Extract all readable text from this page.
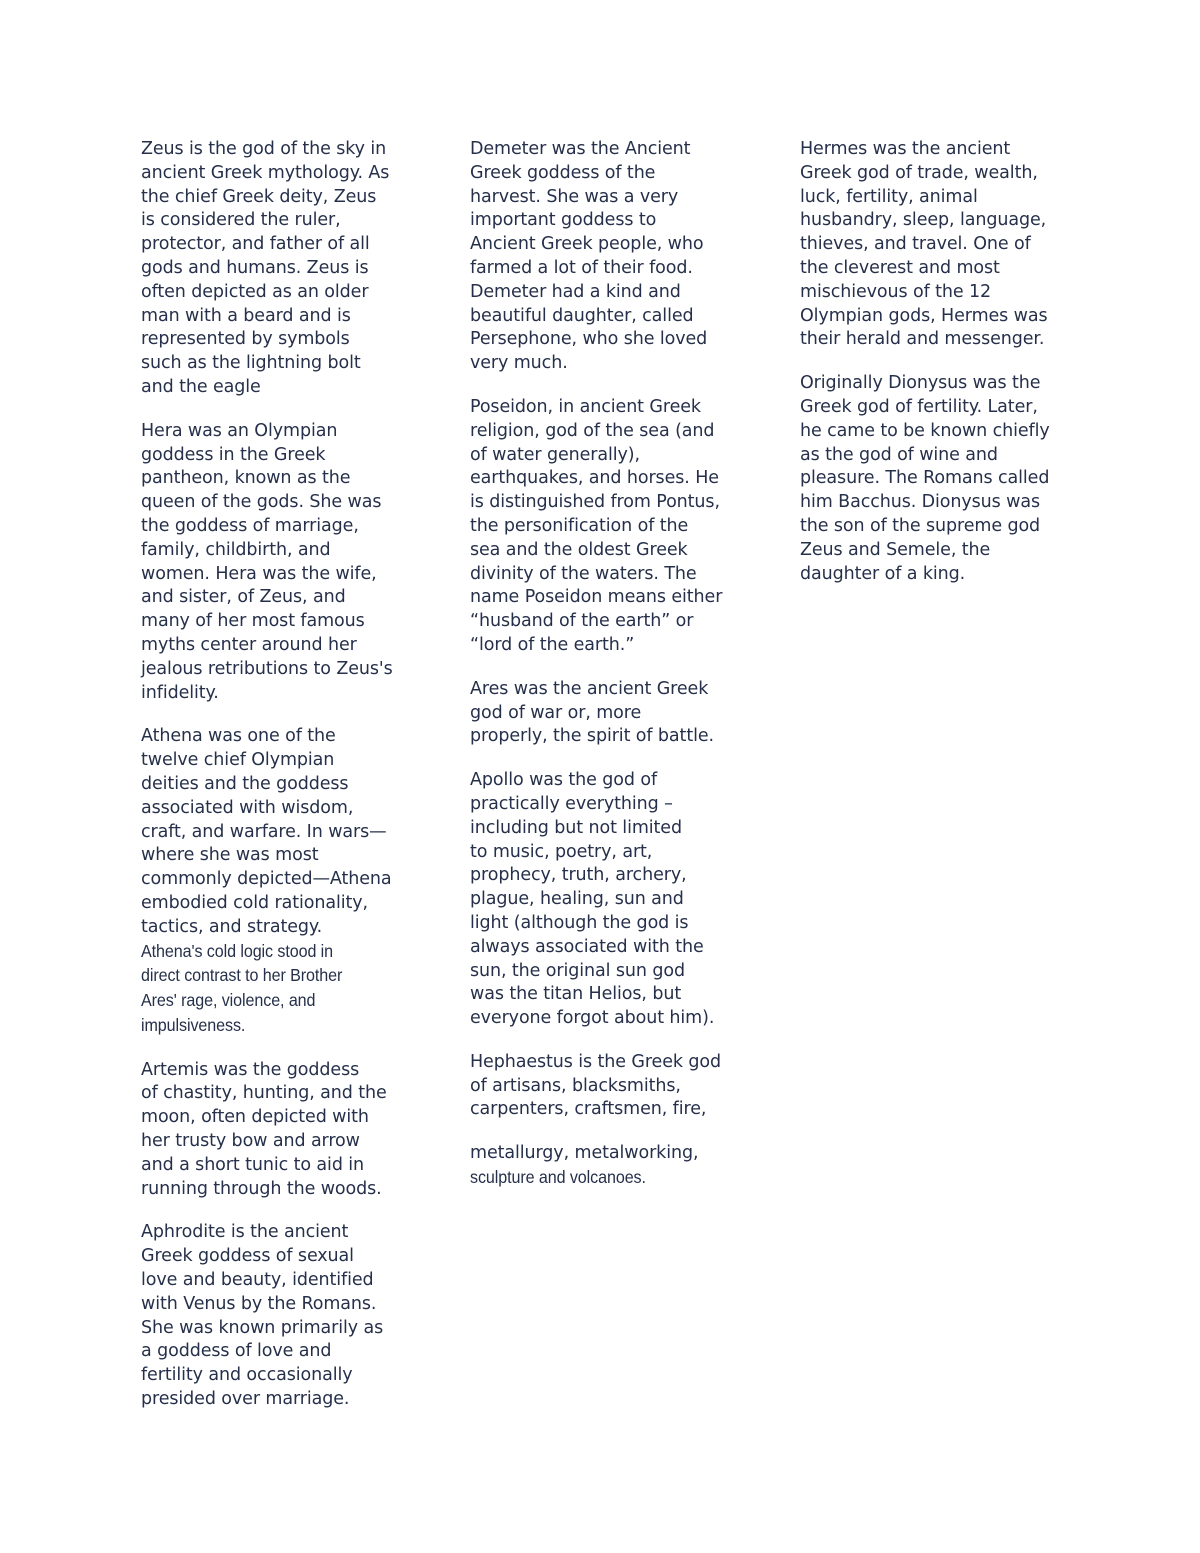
Zeus is the god of the sky in
ancient Greek mythology. As
the chief Greek deity, Zeus
is considered the ruler,
protector, and father of all
gods and humans. Zeus is
often depicted as an older
man with a beard and is
represented by symbols
such as the lightning bolt
and the eagle

Hera was an Olympian
goddess in the Greek
pantheon, known as the
queen of the gods. She was
the goddess of marriage,
family, childbirth, and
women. Hera was the wife,
and sister, of Zeus, and
many of her most famous
myths center around her
jealous retributions to Zeus's
infidelity.

Athena was one of the
twelve chief Olympian
deities and the goddess
associated with wisdom,
craft, and warfare. In wars—
where she was most
commonly depicted—Athena
embodied cold rationality,
tactics, and strategy.
Athena's cold logic stood in
direct contrast to her Brother
Ares' rage, violence, and
impulsiveness.

Artemis was the goddess
of chastity, hunting, and the
moon, often depicted with
her trusty bow and arrow
and a short tunic to aid in
running through the woods.

Aphrodite is the ancient
Greek goddess of sexual
love and beauty, identified
with Venus by the Romans.
She was known primarily as
a goddess of love and
fertility and occasionally
presided over marriage.

Demeter was the Ancient
Greek goddess of the
harvest. She was a very
important goddess to
Ancient Greek people, who
farmed a lot of their food.
Demeter had a kind and
beautiful daughter, called
Persephone, who she loved
very much.

Poseidon, in ancient Greek
religion, god of the sea (and
of water generally),
earthquakes, and horses. He
is distinguished from Pontus,
the personification of the
sea and the oldest Greek
divinity of the waters. The
name Poseidon means either
“husband of the earth” or
“lord of the earth.”

Ares was the ancient Greek
god of war or, more
properly, the spirit of battle.

Apollo was the god of
practically everything –
including but not limited
to music, poetry, art,
prophecy, truth, archery,
plague, healing, sun and
light (although the god is
always associated with the
sun, the original sun god
was the titan Helios, but
everyone forgot about him).

Hephaestus is the Greek god
of artisans, blacksmiths,
carpenters, craftsmen, fire,

metallurgy, metalworking,
sculpture and volcanoes.

Hermes was the ancient
Greek god of trade, wealth,
luck, fertility, animal
husbandry, sleep, language,
thieves, and travel. One of
the cleverest and most
mischievous of the 12
Olympian gods, Hermes was
their herald and messenger.

Originally Dionysus was the
Greek god of fertility. Later,
he came to be known chiefly
as the god of wine and
pleasure. The Romans called
him Bacchus. Dionysus was
the son of the supreme god
Zeus and Semele, the
daughter of a king.
